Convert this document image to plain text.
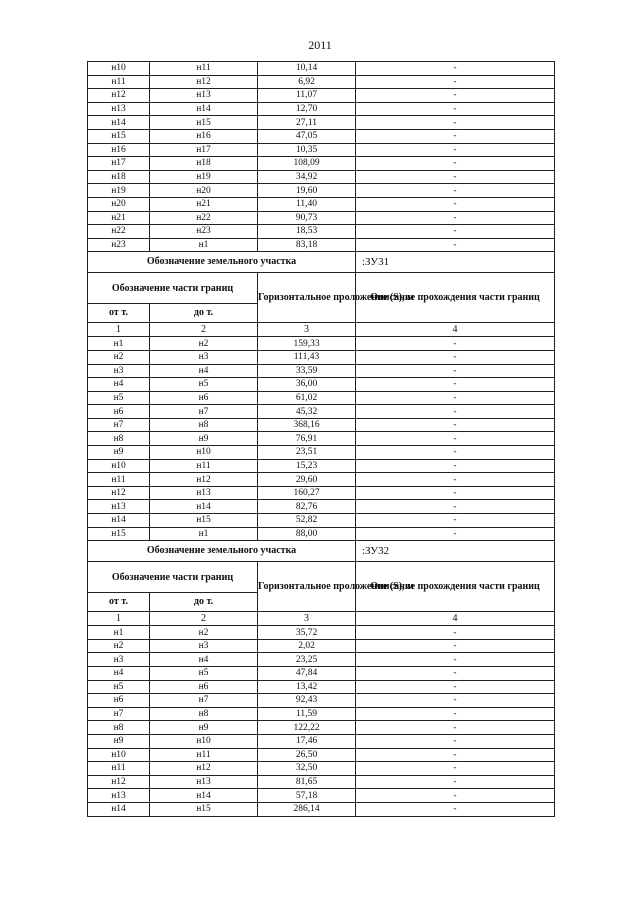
2011
н10	н11	10,14	-
н11	н12	6,92	-
н12	н13	11,07	-
н13	н14	12,70	-
н14	н15	27,11	-
н15	н16	47,05	-
н16	н17	10,35	-
н17	н18	108,09	-
н18	н19	34,92	-
н19	н20	19,60	-
н20	н21	11,40	-
н21	н22	90,73	-
н22	н23	18,53	-
н23	н1	83,18	-
Обозначение земельного участка			:ЗУ31
Обозначение части границ		Горизонтальное проложение (S), м	Описание прохождения части границ
от т.	до т.		
1	2	3	4
н1	н2	159,33	-
н2	н3	111,43	-
н3	н4	33,59	-
н4	н5	36,00	-
н5	н6	61,02	-
н6	н7	45,32	-
н7	н8	368,16	-
н8	н9	76,91	-
н9	н10	23,51	-
н10	н11	15,23	-
н11	н12	29,60	-
н12	н13	160,27	-
н13	н14	82,76	-
н14	н15	52,82	-
н15	н1	88,00	-
Обозначение земельного участка			:ЗУ32
Обозначение части границ		Горизонтальное проложение (S), м	Описание прохождения части границ
от т.	до т.		
1	2	3	4
н1	н2	35,72	-
н2	н3	2,02	-
н3	н4	23,25	-
н4	н5	47,84	-
н5	н6	13,42	-
н6	н7	92,43	-
н7	н8	11,59	-
н8	н9	122,22	-
н9	н10	17,46	-
н10	н11	26,50	-
н11	н12	32,50	-
н12	н13	81,65	-
н13	н14	57,18	-
н14	н15	286,14	-
